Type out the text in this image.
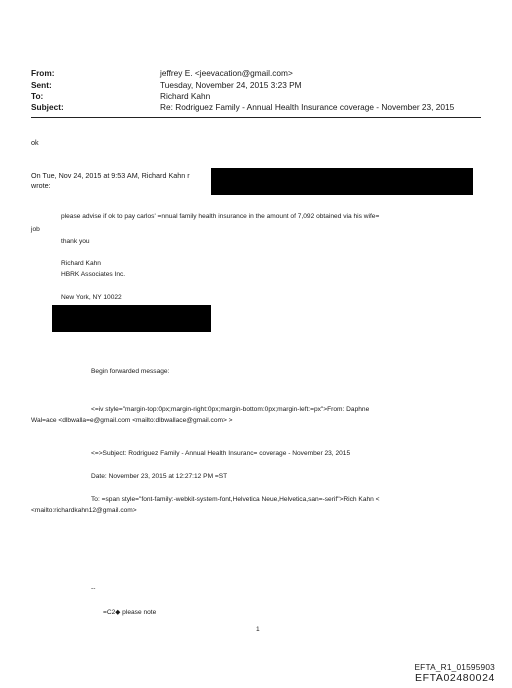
From:	jeffrey E. <jeevacation@gmail.com>
Sent:	Tuesday, November 24, 2015 3:23 PM
To:	Richard Kahn
Subject:	Re: Rodriguez Family - Annual Health Insurance coverage - November 23, 2015
ok
On Tue, Nov 24, 2015 at 9:53 AM, Richard Kahn r
wrote:
please advise if ok to pay carlos' =nnual family health insurance in the amount of 7,092 obtained via his wife=
job
thank you
Richard Kahn
HBRK Associates Inc.
New York, NY 10022
Begin forwarded message:
<=iv style="margin-top:0px;margin-right:0px;margin-bottom:0px;margin-left:=px">From: Daphne
Wal=ace <dlbwalla=e@gmail.com <mailto:dlbwallace@gmail.com> >
<=>Subject: Rodriguez Family - Annual Health Insuranc= coverage - November 23, 2015
Date: November 23, 2015 at 12:27:12 PM =ST
To: =span style="font-family:-webkit-system-font,Helvetica Neue,Helvetica,san=-serif">Rich Kahn <
<mailto:richardkahn12@gmail.com>
--
=C2◆ please note
1
EFTA_R1_01595903
EFTA02480024
